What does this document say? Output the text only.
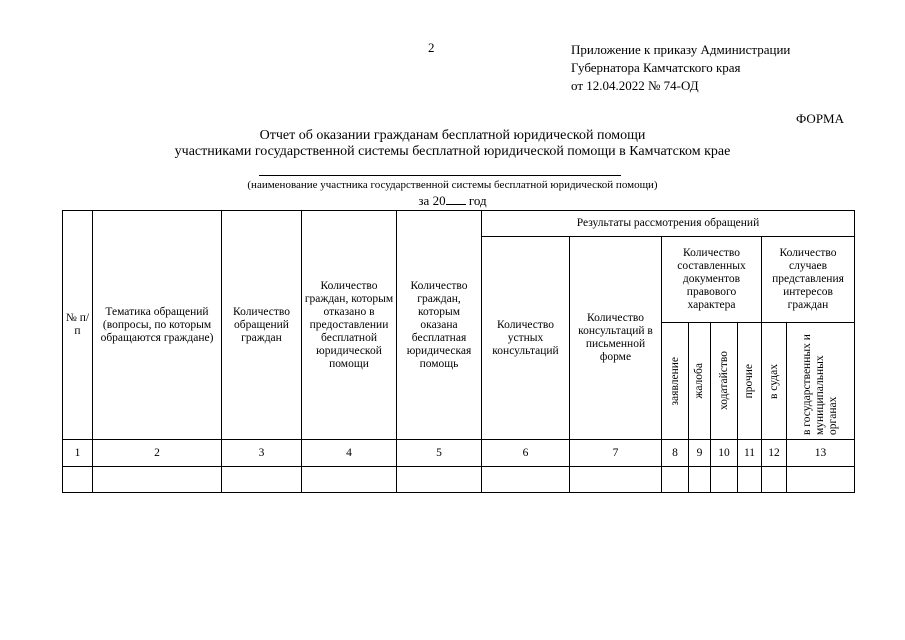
2	Приложение к приказу Администрации
Губернатора Камчатского края
от 12.04.2022 № 74-ОД
ФОРМА
Отчет об оказании гражданам бесплатной юридической помощи
участниками государственной системы бесплатной юридической помощи в Камчатском крае
(наименование участника государственной системы бесплатной юридической помощи)
за 20 год
№ п/п	Тематика обращений (вопросы, по которым обращаются граждане)	Количество обращений граждан	Количество граждан, которым отказано в предоставлении бесплатной юридической помощи	Количество граждан, которым оказана бесплатная юридическая помощь	Результаты рассмотрения обращений							
					Количество устных консультаций	Количество консультаций в письменной форме	Количество составленных документов правового характера				Количество случаев представления интересов граждан	

							заявление	жалоба	ходатайство	прочие	в судах	в государственных и муниципальных органах

1	2	3	4	5	6	7	8	9	10	11	12	13
